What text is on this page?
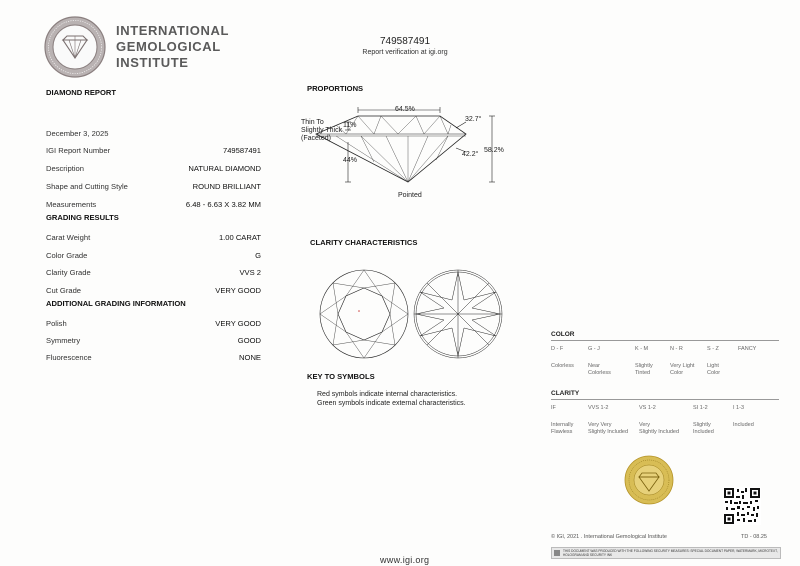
INTERNATIONAL
GEMOLOGICAL
INSTITUTE
749587491
Report verification at igi.org
DIAMOND REPORT
December 3, 2025
IGI Report Number	749587491
Description	NATURAL DIAMOND
Shape and Cutting Style	ROUND BRILLIANT
Measurements	6.48 - 6.63 X 3.82 MM
GRADING RESULTS
Carat Weight	1.00 CARAT
Color Grade	G
Clarity Grade	VVS 2
Cut Grade	VERY GOOD
ADDITIONAL GRADING INFORMATION
Polish	VERY GOOD
Symmetry	GOOD
Fluorescence	NONE
PROPORTIONS
64.5%
32.7°
58.2%
42.2°
11%
Thin To
Slightly Thick
(Faceted)
44%
Pointed
CLARITY CHARACTERISTICS
KEY TO SYMBOLS
Red symbols indicate internal characteristics.
Green symbols indicate external characteristics.
COLOR
D - F
Colorless
G - J
Near
Colorless
K - M
Slightly
Tinted
N - R
Very Light
Color
S - Z
Light
Color
FANCY
CLARITY
IF
Internally
Flawless
VVS 1-2
Very Very
Slightly Included
VS 1-2
Very
Slightly Included
SI 1-2
Slightly
Included
I 1-3
Included
© IGI, 2021 . International Gemological Institute	TD - 08.25
THIS DOCUMENT WAS PRODUCED WITH THE FOLLOWING SECURITY MEASURES: SPECIAL DOCUMENT PAPER, WATERMARK, MICROTEXT, HOLOGRAM AND SECURITY INK
www.igi.org
